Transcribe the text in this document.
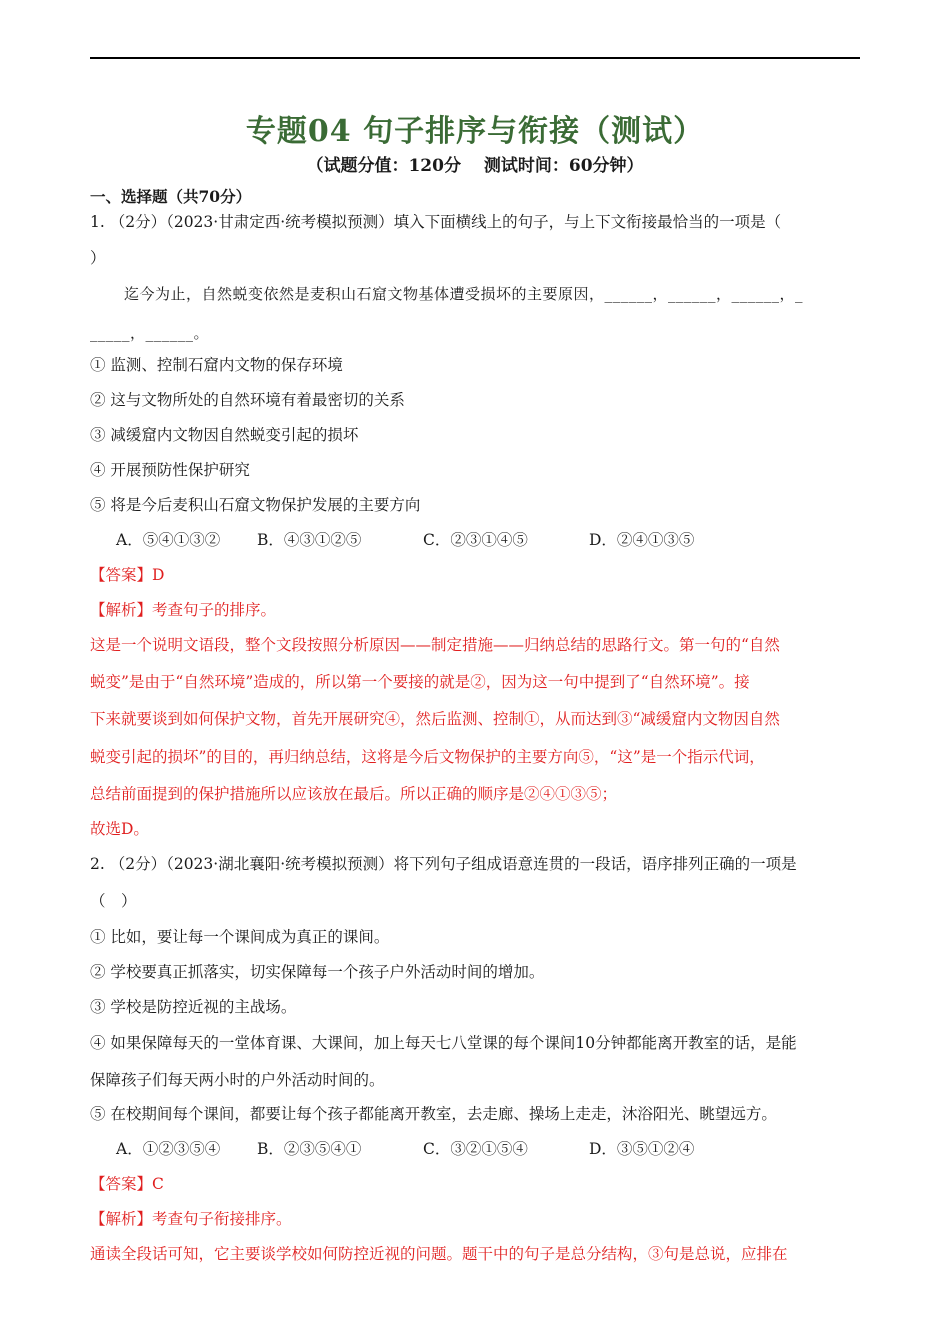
专题04 句子排序与衔接（测试）
（试题分值：120分　 测试时间：60分钟）
一、选择题（共70分）
1. （2分）（2023·甘肃定西·统考模拟预测）填入下面横线上的句子，与上下文衔接最恰当的一项是（
）
迄今为止，自然蜕变依然是麦积山石窟文物基体遭受损坏的主要原因，______，______，______，_
_____，______。
① 监测、控制石窟内文物的保存环境
② 这与文物所处的自然环境有着最密切的关系
③ 减缓窟内文物因自然蜕变引起的损坏
④ 开展预防性保护研究
⑤ 将是今后麦积山石窟文物保护发展的主要方向
A．⑤④①③② B．④③①②⑤	C．②③①④⑤	D．②④①③⑤
【答案】D
【解析】考查句子的排序。
这是一个说明文语段，整个文段按照分析原因——制定措施——归纳总结的思路行文。第一句的“自然
蜕变”是由于“自然环境”造成的，所以第一个要接的就是②，因为这一句中提到了“自然环境”。接
下来就要谈到如何保护文物，首先开展研究④，然后监测、控制①，从而达到③“减缓窟内文物因自然
蜕变引起的损坏”的目的，再归纳总结，这将是今后文物保护的主要方向⑤，“这”是一个指示代词，
总结前面提到的保护措施所以应该放在最后。所以正确的顺序是②④①③⑤；
故选D。
2. （2分）（2023·湖北襄阳·统考模拟预测）将下列句子组成语意连贯的一段话，语序排列正确的一项是
（　）
① 比如，要让每一个课间成为真正的课间。
② 学校要真正抓落实，切实保障每一个孩子户外活动时间的增加。
③ 学校是防控近视的主战场。
④ 如果保障每天的一堂体育课、大课间，加上每天七八堂课的每个课间10分钟都能离开教室的话，是能
保障孩子们每天两小时的户外活动时间的。
⑤ 在校期间每个课间，都要让每个孩子都能离开教室，去走廊、操场上走走，沐浴阳光、眺望远方。
A．①②③⑤④ B．②③⑤④①	C．③②①⑤④	D．③⑤①②④
【答案】C
【解析】考查句子衔接排序。
通读全段话可知，它主要谈学校如何防控近视的问题。题干中的句子是总分结构，③句是总说，应排在
